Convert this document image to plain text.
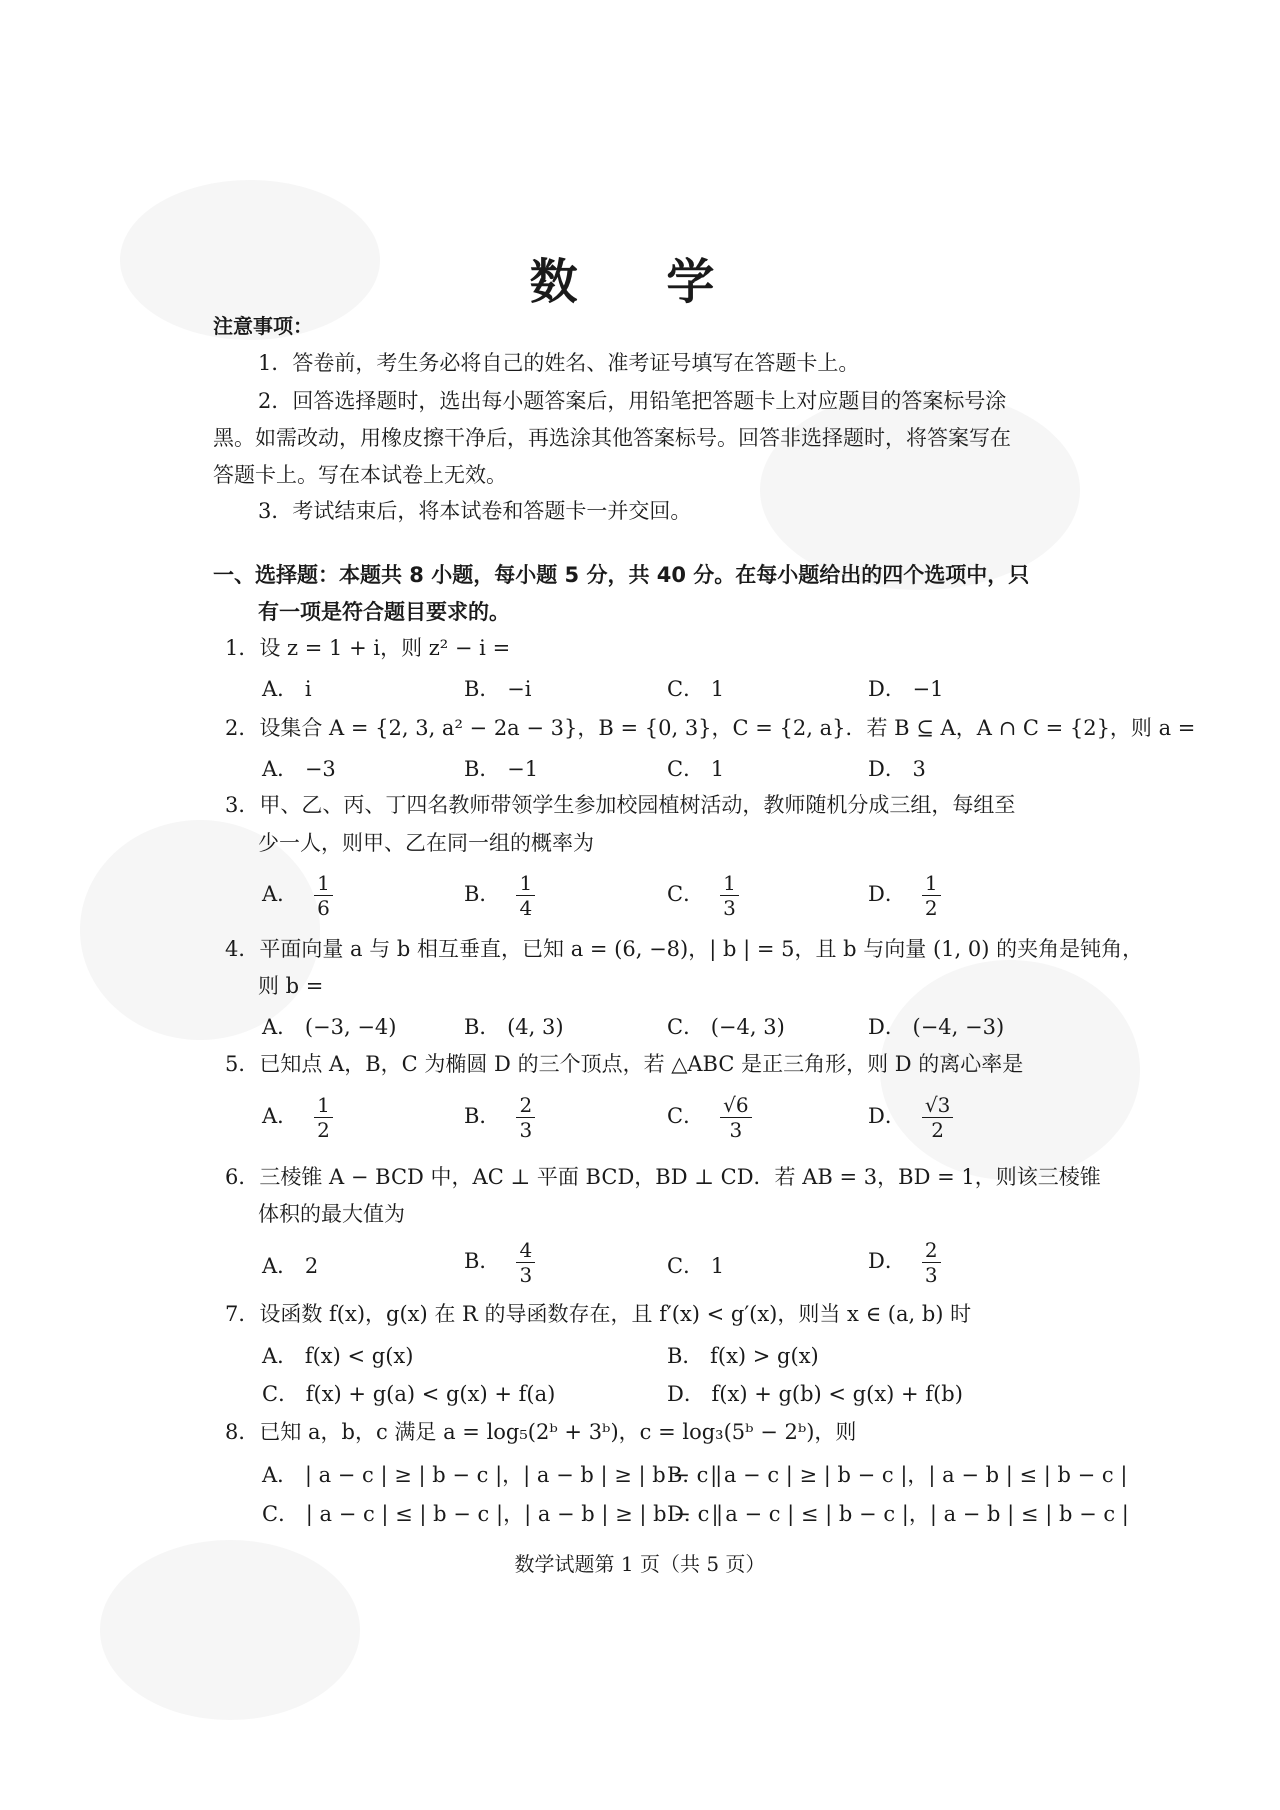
数 学
注意事项：
1．答卷前，考生务必将自己的姓名、准考证号填写在答题卡上。
2．回答选择题时，选出每小题答案后，用铅笔把答题卡上对应题目的答案标号涂
黑。如需改动，用橡皮擦干净后，再选涂其他答案标号。回答非选择题时，将答案写在
答题卡上。写在本试卷上无效。
3．考试结束后，将本试卷和答题卡一并交回。
一、选择题：本题共 8 小题，每小题 5 分，共 40 分。在每小题给出的四个选项中，只
有一项是符合题目要求的。
1．设 z = 1 + i，则 z² − i =
A． i	B． −i	C． 1	D． −1
2．设集合 A = {2, 3, a² − 2a − 3}，B = {0, 3}，C = {2, a}．若 B ⊆ A，A ∩ C = {2}，则 a =
A． −3	B． −1	C． 1	D． 3
3．甲、乙、丙、丁四名教师带领学生参加校园植树活动，教师随机分成三组，每组至
少一人，则甲、乙在同一组的概率为
A． $\frac{1}{6}$	B． $\frac{1}{4}$	C． $\frac{1}{3}$	D． $\frac{1}{2}$
4．平面向量 a 与 b 相互垂直，已知 a = (6, −8)，| b | = 5，且 b 与向量 (1, 0) 的夹角是钝角，
则 b =
A． (−3, −4)	B． (4, 3)	C． (−4, 3)	D． (−4, −3)
5．已知点 A，B，C 为椭圆 D 的三个顶点，若 △ABC 是正三角形，则 D 的离心率是
A． $\frac{1}{2}$	B． $\frac{2}{3}$	C． $\frac{√6}{3}$	D． $\frac{√3}{2}$
6．三棱锥 A − BCD 中，AC ⊥ 平面 BCD，BD ⊥ CD．若 AB = 3，BD = 1，则该三棱锥
体积的最大值为
A． 2	B． $\frac{4}{3}$	C． 1	D． $\frac{2}{3}$
7．设函数 f(x)，g(x) 在 R 的导函数存在，且 f′(x) < g′(x)，则当 x ∈ (a, b) 时
A． f(x) < g(x)	B． f(x) > g(x)
C． f(x) + g(a) < g(x) + f(a)	D． f(x) + g(b) < g(x) + f(b)
8．已知 a，b，c 满足 a = log₅(2ᵇ + 3ᵇ)，c = log₃(5ᵇ − 2ᵇ)，则
A． | a − c | ≥ | b − c |，| a − b | ≥ | b − c |
B． | a − c | ≥ | b − c |，| a − b | ≤ | b − c |
C． | a − c | ≤ | b − c |，| a − b | ≥ | b − c |
D． | a − c | ≤ | b − c |，| a − b | ≤ | b − c |
数学试题第 1 页（共 5 页）
